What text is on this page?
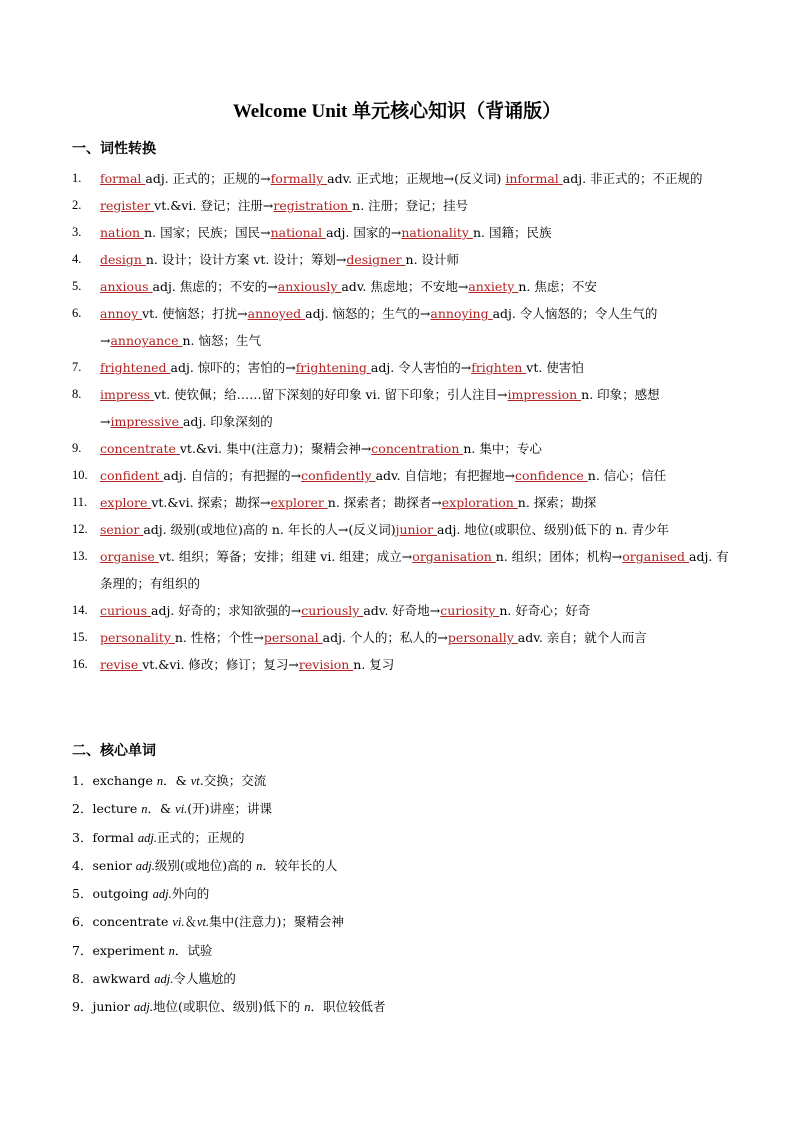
Welcome Unit 单元核心知识（背诵版）
一、词性转换
1.	formal adj. 正式的；正规的→formally adv. 正式地；正规地→(反义词) informal adj. 非正式的；不正规的
2.	register vt.&vi. 登记；注册→registration n. 注册；登记；挂号
3.	nation n. 国家；民族；国民→national adj. 国家的→nationality n. 国籍；民族
4.	design n. 设计；设计方案 vt. 设计；筹划→designer n. 设计师
5.	anxious adj. 焦虑的；不安的→anxiously adv. 焦虑地；不安地→anxiety n. 焦虑；不安
6.	annoy vt. 使恼怒；打扰→annoyed adj. 恼怒的；生气的→annoying adj. 令人恼怒的；令人生气的→annoyance n. 恼怒；生气
7.	frightened adj. 惊吓的；害怕的→frightening adj. 令人害怕的→frighten vt. 使害怕
8.	impress vt. 使钦佩；给……留下深刻的好印象 vi. 留下印象；引人注目→impression n. 印象；感想→impressive adj. 印象深刻的
9.	concentrate vt.&vi. 集中(注意力)；聚精会神→concentration n. 集中；专心
10. confident adj. 自信的；有把握的→confidently adv. 自信地；有把握地→confidence n. 信心；信任
11.	explore vt.&vi. 探索；勘探→explorer n. 探索者；勘探者→exploration n. 探索；勘探
12. senior adj. 级别(或地位)高的 n. 年长的人→(反义词)junior adj. 地位(或职位、级别)低下的 n. 青少年
13. organise vt. 组织；筹备；安排；组建 vi. 组建；成立→organisation n. 组织；团体；机构→organised adj. 有条理的；有组织的
14. curious adj. 好奇的；求知欲强的→curiously adv. 好奇地→curiosity n. 好奇心；好奇
15. personality n. 性格；个性→personal adj. 个人的；私人的→personally adv. 亲自；就个人而言
16. revise vt.&vi. 修改；修订；复习→revision n. 复习
二、核心单词
1．exchange n．& vt.交换；交流
2．lecture n．& vi.(开)讲座；讲课
3．formal adj.正式的；正规的
4．senior adj.级别(或地位)高的 n．较年长的人
5．outgoing adj.外向的
6．concentrate vi.＆vt.集中(注意力)；聚精会神
7．experiment n．试验
8．awkward adj.令人尴尬的
9．junior adj.地位(或职位、级别)低下的 n．职位较低者
